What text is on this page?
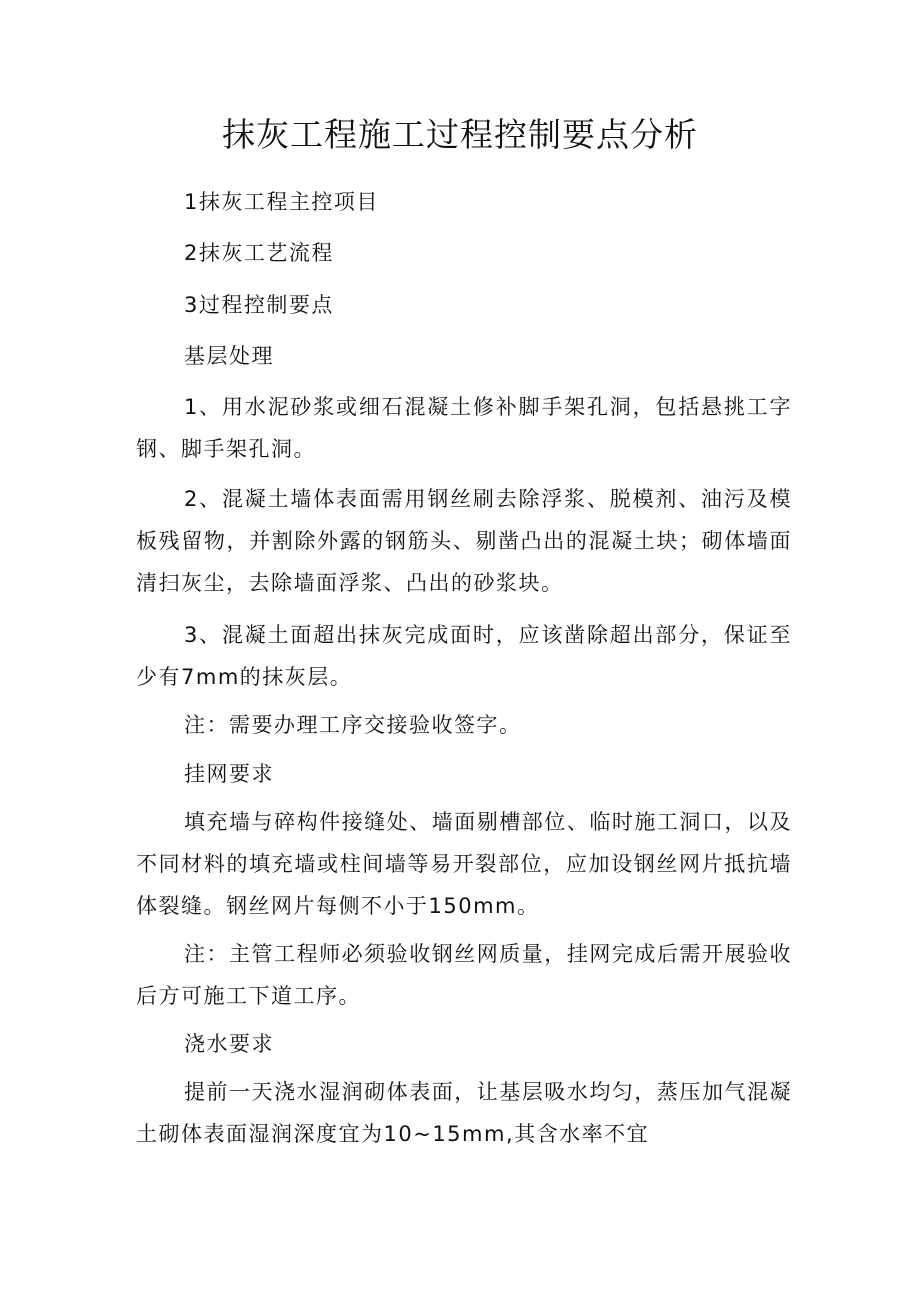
抹灰工程施工过程控制要点分析

1抹灰工程主控项目

2抹灰工艺流程

3过程控制要点

基层处理

1、用水泥砂浆或细石混凝土修补脚手架孔洞，包括悬挑工字钢、脚手架孔洞。

2、混凝土墙体表面需用钢丝刷去除浮浆、脱模剂、油污及模板残留物，并割除外露的钢筋头、剔凿凸出的混凝土块；砌体墙面清扫灰尘，去除墙面浮浆、凸出的砂浆块。

3、混凝土面超出抹灰完成面时，应该凿除超出部分，保证至少有7mm的抹灰层。

注：需要办理工序交接验收签字。

挂网要求

填充墙与碎构件接缝处、墙面剔槽部位、临时施工洞口，以及不同材料的填充墙或柱间墙等易开裂部位，应加设钢丝网片抵抗墙体裂缝。钢丝网片每侧不小于150mm。

注：主管工程师必须验收钢丝网质量，挂网完成后需开展验收后方可施工下道工序。

浇水要求

提前一天浇水湿润砌体表面，让基层吸水均匀，蒸压加气混凝土砌体表面湿润深度宜为10~15mm,其含水率不宜
